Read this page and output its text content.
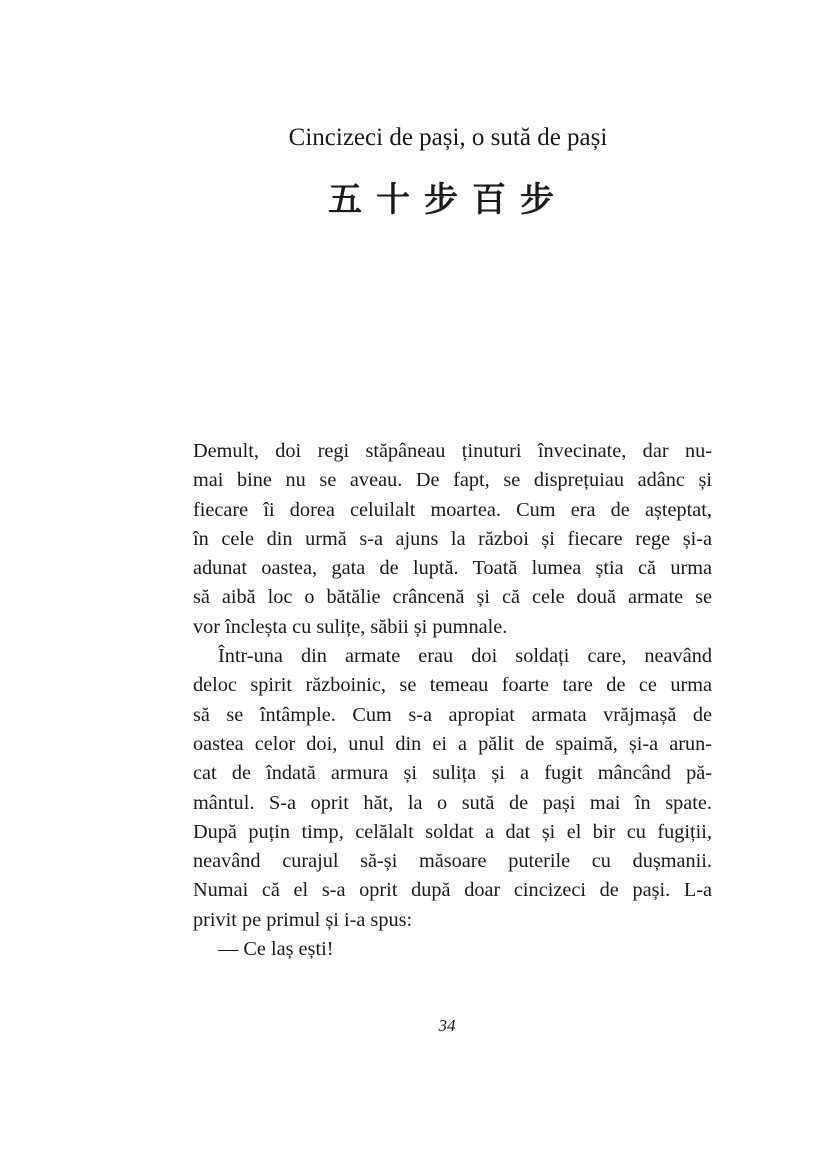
Cincizeci de pași, o sută de pași
五十步百步
Demult, doi regi stăpâneau ținuturi învecinate, dar nu-
mai bine nu se aveau. De fapt, se disprețuiau adânc și
fiecare îi dorea celuilalt moartea. Cum era de așteptat,
în cele din urmă s-a ajuns la război și fiecare rege și-a
adunat oastea, gata de luptă. Toată lumea știa că urma
să aibă loc o bătălie crâncenă și că cele două armate se
vor încleșta cu sulițe, săbii și pumnale.
Într-una din armate erau doi soldați care, neavând
deloc spirit războinic, se temeau foarte tare de ce urma
să se întâmple. Cum s-a apropiat armata vrăjmașă de
oastea celor doi, unul din ei a pălit de spaimă, și-a arun-
cat de îndată armura și sulița și a fugit mâncând pă-
mântul. S-a oprit hăt, la o sută de pași mai în spate.
După puțin timp, celălalt soldat a dat și el bir cu fugiții,
neavând curajul să-și măsoare puterile cu dușmanii.
Numai că el s-a oprit după doar cincizeci de pași. L-a
privit pe primul și i-a spus:
— Ce laș ești!
34
